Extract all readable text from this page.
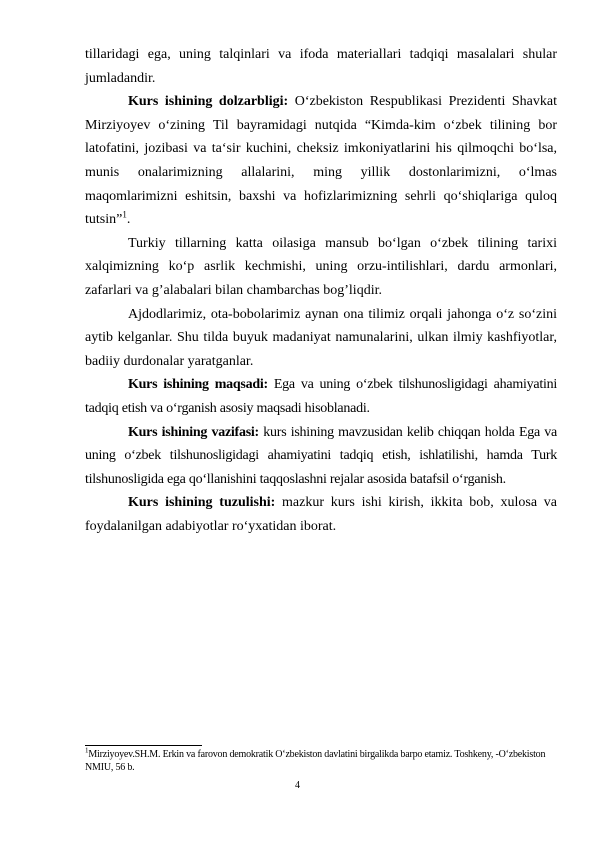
tillaridagi ega, uning talqinlari va ifoda materiallari tadqiqi masalalari shular jumladandir.

Kurs ishining dolzarbligi: O‘zbekiston Respublikasi Prezidenti Shavkat Mirziyoyev o‘zining Til bayramidagi nutqida “Kimda-kim o‘zbek tilining bor latofatini, jozibasi va ta‘sir kuchini, cheksiz imkoniyatlarini his qilmoqchi bo‘lsa, munis onalarimizning allalarini, ming yillik dostonlarimizni, o‘lmas maqomlarimizni eshitsin, baxshi va hofizlarimizning sehrli qo‘shiqlariga quloq tutsin”$^1$.

Turkiy tillarning katta oilasiga mansub bo‘lgan o‘zbek tilining tarixi xalqimizning ko‘p asrlik kechmishi, uning orzu-intilishlari, dardu armonlari, zafarlari va g’alabalari bilan chambarchas bog’liqdir.

Ajdodlarimiz, ota-bobolarimiz aynan ona tilimiz orqali jahonga o‘z so‘zini aytib kelganlar. Shu tilda buyuk madaniyat namunalarini, ulkan ilmiy kashfiyotlar, badiiy durdonalar yaratganlar.

Kurs ishining maqsadi: Ega va uning o‘zbek tilshunosligidagi ahamiyatini tadqiq etish va o‘rganish asosiy maqsadi hisoblanadi.

Kurs ishining vazifasi: kurs ishining mavzusidan kelib chiqqan holda Ega va uning o‘zbek tilshunosligidagi ahamiyatini tadqiq etish, ishlatilishi, hamda Turk tilshunosligida ega qo‘llanishini taqqoslashni rejalar asosida batafsil o‘rganish.

Kurs ishining tuzulishi: mazkur kurs ishi kirish, ikkita bob, xulosa va foydalanilgan adabiyotlar ro‘yxatidan iborat.

$^1$Mirziyoyev.SH.M. Erkin va farovon demokratik O‘zbekiston davlatini birgalikda barpo etamiz. Toshkeny, -O‘zbekiston NMIU, 56 b.
4
